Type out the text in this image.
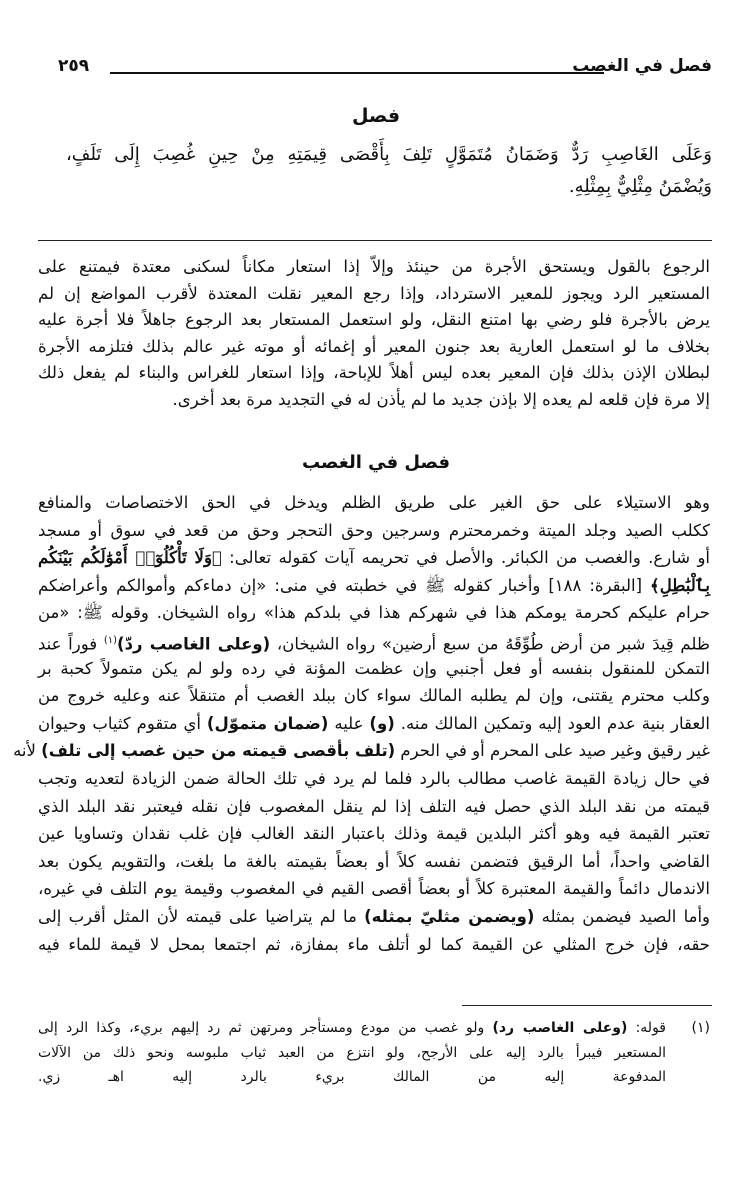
فصل في الغصب
٢٥٩
فصل
وَعَلَى الغَاصِبِ رَدٌّ وَضَمَانُ مُتَمَوَّلٍ تَلِفَ بِأَقْصَى قِيمَتِهِ مِنْ حِينِ غُصِبَ إِلَى تَلَفٍ،
وَيُضْمَنُ مِثْلِيٌّ بِمِثْلِهِ.
الرجوع بالقول ويستحق الأجرة من حينئذ وإلاّ إذا استعار مكاناً لسكنى معتدة فيمتنع على
المستعير الرد ويجوز للمعير الاسترداد، وإذا رجع المعير نقلت المعتدة لأقرب المواضع إن لم
يرض بالأجرة فلو رضي بها امتنع النقل، ولو استعمل المستعار بعد الرجوع جاهلاً فلا أجرة عليه
بخلاف ما لو استعمل العارية بعد جنون المعير أو إغمائه أو موته غير عالم بذلك فتلزمه الأجرة
لبطلان الإذن بذلك فإن المعير بعده ليس أهلاً للإباحة، وإذا استعار للغراس والبناء لم يفعل ذلك
إلا مرة فإن قلعه لم يعده إلا بإذن جديد ما لم يأذن له في التجديد مرة بعد أخرى.
فصل في الغصب
وهو الاستيلاء على حق الغير على طريق الظلم ويدخل في الحق الاختصاصات والمنافع
ككلب الصيد وجلد الميتة وخمرمحترم وسرجين وحق التحجر وحق من قعد في سوق أو مسجد
أو شارع. والغصب من الكبائر. والأصل في تحريمه آيات كقوله تعالى: ﴿وَلَا تَأْكُلُوٓا۟ أَمْوَٰلَكُم بَيْنَكُم
بِٱلْبَٰطِلِ﴾ [البقرة: ١٨٨] وأخبار كقوله ﷺ في خطبته في منى: «إن دماءكم وأموالكم وأعراضكم
حرام عليكم كحرمة يومكم هذا في شهركم هذا في بلدكم هذا» رواه الشيخان. وقوله ﷺ: «من
ظلم قِيدَ شبر من أرض طُوِّقَهُ من سبع أرضين» رواه الشيخان، (وعلى الغاصب ردّ)$^{(١)}$ فوراً عند
التمكن للمنقول بنفسه أو فعل أجنبي وإن عظمت المؤنة في رده ولو لم يكن متمولاً كحبة بر
وكلب محترم يقتنى، وإن لم يطلبه المالك سواء كان ببلد الغصب أم متنقلاً عنه وعليه خروج من
العقار بنية عدم العود إليه وتمكين المالك منه. (و) عليه (ضمان متموّل) أي متقوم كثياب وحيوان
غير رقيق وغير صيد على المحرم أو في الحرم (تلف بأقصى قيمته من حين غصب إلى تلف) لأنه
في حال زيادة القيمة غاصب مطالب بالرد فلما لم يرد في تلك الحالة ضمن الزيادة لتعديه وتجب
قيمته من نقد البلد الذي حصل فيه التلف إذا لم ينقل المغصوب فإن نقله فيعتبر نقد البلد الذي
تعتبر القيمة فيه وهو أكثر البلدين قيمة وذلك باعتبار النقد الغالب فإن غلب نقدان وتساويا عين
القاضي واحداً، أما الرقيق فتضمن نفسه كلاً أو بعضاً بقيمته بالغة ما بلغت، والتقويم يكون بعد
الاندمال دائماً والقيمة المعتبرة كلاً أو بعضاً أقصى القيم في المغصوب وقيمة يوم التلف في غيره،
وأما الصيد فيضمن بمثله (ويضمن مثليّ بمثله) ما لم يتراضيا على قيمته لأن المثل أقرب إلى
حقه، فإن خرج المثلي عن القيمة كما لو أتلف ماء بمفازة، ثم اجتمعا بمحل لا قيمة للماء فيه
(١)
قوله: (وعلى الغاصب رد) ولو غصب من مودع ومستأجر ومرتهن ثم رد إليهم بريء، وكذا الرد إلى
المستعير فيبرأ بالرد إليه على الأرجح، ولو انتزع من العبد ثياب ملبوسه ونحو ذلك من الآلات
المدفوعة إليه من المالك بريء بالرد إليه اهـ زي.
